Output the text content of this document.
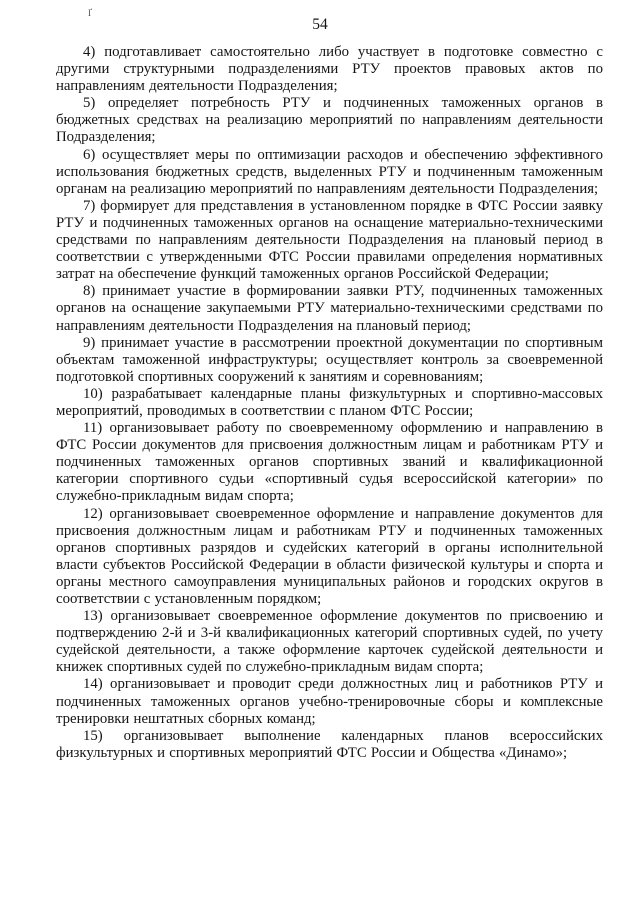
Ґ
54

4) подготавливает самостоятельно либо участвует в подготовке совместно с другими структурными подразделениями РТУ проектов правовых актов по направлениям деятельности Подразделения;

5) определяет потребность РТУ и подчиненных таможенных органов в бюджетных средствах на реализацию мероприятий по направлениям деятельности Подразделения;

6) осуществляет меры по оптимизации расходов и обеспечению эффективного использования бюджетных средств, выделенных РТУ и подчиненным таможенным органам на реализацию мероприятий по направлениям деятельности Подразделения;

7) формирует для представления в установленном порядке в ФТС России заявку РТУ и подчиненных таможенных органов на оснащение материально-техническими средствами по направлениям деятельности Подразделения на плановый период в соответствии с утвержденными ФТС России правилами определения нормативных затрат на обеспечение функций таможенных органов Российской Федерации;

8) принимает участие в формировании заявки РТУ, подчиненных таможенных органов на оснащение закупаемыми РТУ материально-техническими средствами по направлениям деятельности Подразделения на плановый период;

9) принимает участие в рассмотрении проектной документации по спортивным объектам таможенной инфраструктуры; осуществляет контроль за своевременной подготовкой спортивных сооружений к занятиям и соревнованиям;

10) разрабатывает календарные планы физкультурных и спортивно-массовых мероприятий, проводимых в соответствии с планом ФТС России;

11) организовывает работу по своевременному оформлению и направлению в ФТС России документов для присвоения должностным лицам и работникам РТУ и подчиненных таможенных органов спортивных званий и квалификационной категории спортивного судьи «спортивный судья всероссийской категории» по служебно-прикладным видам спорта;

12) организовывает своевременное оформление и направление документов для присвоения должностным лицам и работникам РТУ и подчиненных таможенных органов спортивных разрядов и судейских категорий в органы исполнительной власти субъектов Российской Федерации в области физической культуры и спорта и органы местного самоуправления муниципальных районов и городских округов в соответствии с установленным порядком;

13) организовывает своевременное оформление документов по присвоению и подтверждению 2-й и 3-й квалификационных категорий спортивных судей, по учету судейской деятельности, а также оформление карточек судейской деятельности и книжек спортивных судей по служебно-прикладным видам спорта;

14) организовывает и проводит среди должностных лиц и работников РТУ и подчиненных таможенных органов учебно-тренировочные сборы и комплексные тренировки нештатных сборных команд;

15) организовывает выполнение календарных планов всероссийских физкультурных и спортивных мероприятий ФТС России и Общества «Динамо»;
